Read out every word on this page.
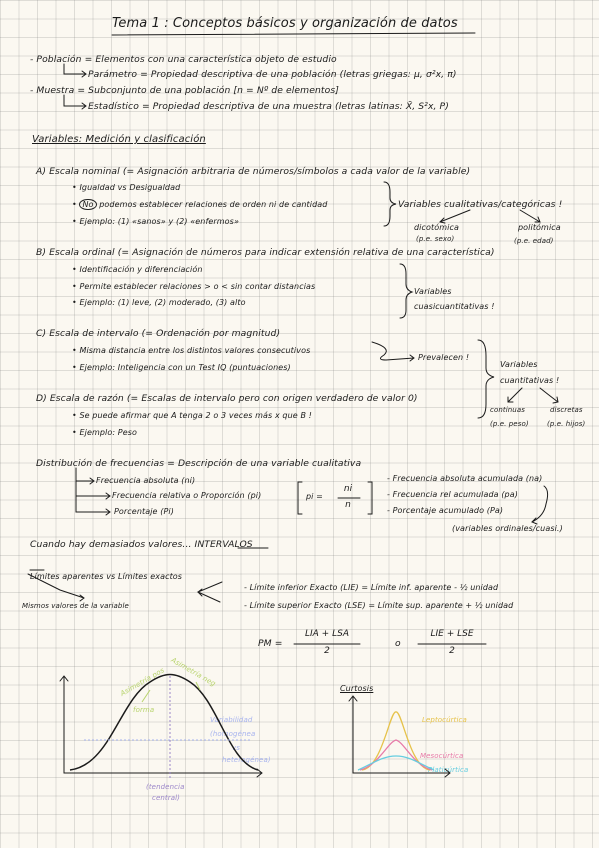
Tema 1 : Conceptos básicos y organización de datos
- Población = Elementos con una característica objeto de estudio
Parámetro = Propiedad descriptiva de una población (letras griegas: μ, σ²x, π)
- Muestra = Subconjunto de una población [n = Nº de elementos]
Estadístico = Propiedad descriptiva de una muestra (letras latinas: X̄, S²x, P)
Variables: Medición y clasificación
A) Escala nominal (= Asignación arbitraria de números/símbolos a cada valor de la variable)
• Igualdad vs Desigualdad
• No podemos establecer relaciones de orden ni de cantidad
• Ejemplo: (1) «sanos» y (2) «enfermos»
Variables cualitativas/categóricas !
dicotómica
(p.e. sexo)
politómica
(p.e. edad)
B) Escala ordinal (= Asignación de números para indicar extensión relativa de una característica)
• Identificación y diferenciación
• Permite establecer relaciones > o < sin contar distancias
• Ejemplo: (1) leve, (2) moderado, (3) alto
Variables
cuasicuantitativas !
C) Escala de intervalo (= Ordenación por magnitud)
• Misma distancia entre los distintos valores consecutivos
• Ejemplo: Inteligencia con un Test IQ (puntuaciones)
Prevalecen !
D) Escala de razón (= Escalas de intervalo pero con origen verdadero de valor 0)
• Se puede afirmar que A tenga 2 o 3 veces más x que B !
• Ejemplo: Peso
Variables
cuantitativas !
continuas
(p.e. peso)
discretas
(p.e. hijos)
Distribución de frecuencias = Descripción de una variable cualitativa
Frecuencia absoluta (ni)
Frecuencia relativa o Proporción (pi)
Porcentaje (Pi)
pi =
ni
n
- Frecuencia absoluta acumulada (na)
- Frecuencia rel acumulada (pa)
- Porcentaje acumulado (Pa)
(variables ordinales/cuasi.)
Cuando hay demasiados valores... INTERVALOS
Límites aparentes vs Límites exactos
Mismos valores de la variable
- Límite inferior Exacto (LIE) = Límite inf. aparente - ½ unidad
- Límite superior Exacto (LSE) = Límite sup. aparente + ½ unidad
PM =
LIA + LSA
2
o
LIE + LSE
2
Asimetría pos Asimetría neg
forma
Variabilidad
(homogénea
vs
heterogénea)
(tendencia
central)
Curtosis
Leptocúrtica
Mesocúrtica
Platicúrtica
